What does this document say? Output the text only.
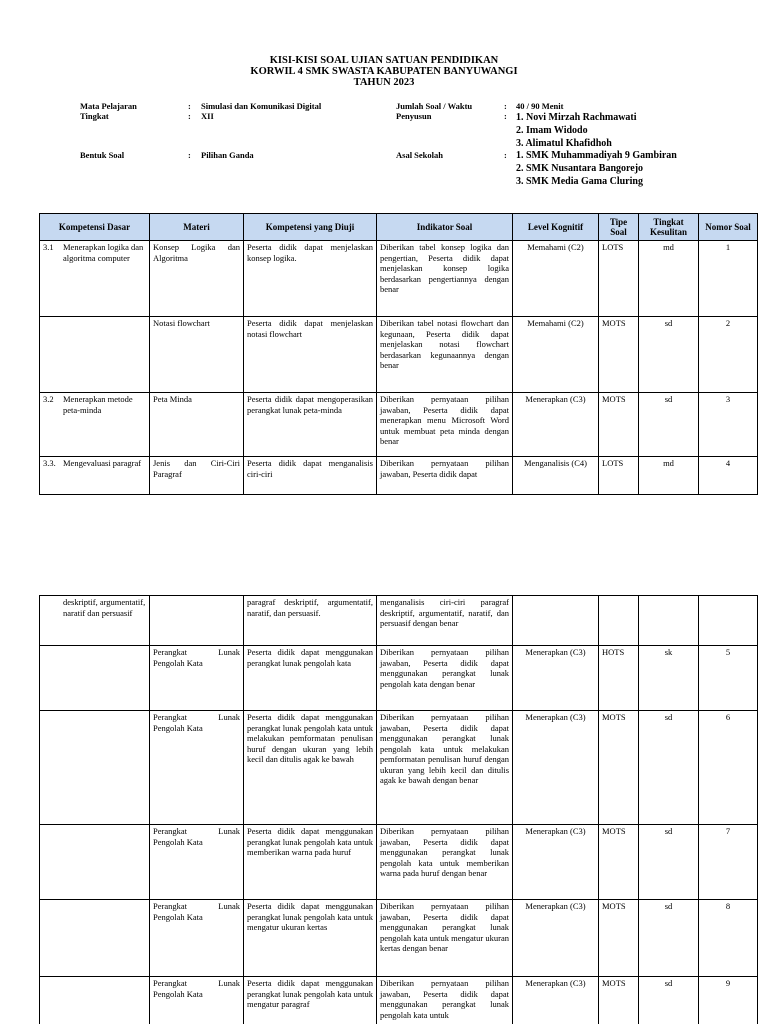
KISI-KISI SOAL UJIAN SATUAN PENDIDIKAN
KORWIL 4 SMK SWASTA KABUPATEN BANYUWANGI
TAHUN 2023
Mata Pelajaran	: Simulasi dan Komunikasi Digital
Tingkat	: XII
Bentuk Soal	: Pilihan Ganda
Jumlah Soal / Waktu	: 40 / 90 Menit
Penyusun	: 1. Novi Mirzah Rachmawati
2. Imam Widodo
3. Alimatul Khafidhoh
Asal Sekolah	: 1. SMK Muhammadiyah 9 Gambiran
2. SMK Nusantara Bangorejo
3. SMK Media Gama Cluring
Kompetensi Dasar	Materi	Kompetensi yang Diuji	Indikator Soal	Level Kognitif	Tipe Soal	Tingkat Kesulitan	Nomor Soal

3.1 Menerapkan logika dan algoritma computer	Konsep Logika dan Algoritma	Peserta didik dapat menjelaskan konsep logika.	Diberikan tabel konsep logika dan pengertian, Peserta didik dapat menjelaskan konsep logika berdasarkan pengertiannya dengan benar	Memahami (C2)	LOTS	md	1

	Notasi flowchart	Peserta didik dapat menjelaskan notasi flowchart	Diberikan tabel notasi flowchart dan kegunaan, Peserta didik dapat menjelaskan notasi flowchart berdasarkan kegunaannya dengan benar	Memahami (C2)	MOTS	sd	2

3.2 Menerapkan metode peta-minda	Peta Minda	Peserta didik dapat mengoperasikan perangkat lunak peta-minda	Diberikan pernyataan pilihan jawaban, Peserta didik dapat menerapkan menu Microsoft Word untuk membuat peta minda dengan benar	Menerapkan (C3)	MOTS	sd	3

3.3. Mengevaluasi paragraf	Jenis dan Ciri-Ciri Paragraf	Peserta didik dapat menganalisis ciri-ciri	Diberikan pernyataan pilihan jawaban, Peserta didik dapat	Menganalisis (C4)	LOTS	md	4
deskriptif, argumentatif, naratif dan persuasif		paragraf deskriptif, argumentatif, naratif, dan persuasif.	menganalisis ciri-ciri paragraf deskriptif, argumentatif, naratif, dan persuasif dengan benar				

	Perangkat Lunak Pengolah Kata	Peserta didik dapat menggunakan perangkat lunak pengolah kata	Diberikan pernyataan pilihan jawaban, Peserta didik dapat menggunakan perangkat lunak pengolah kata dengan benar	Menerapkan (C3)	HOTS	sk	5

	Perangkat Lunak Pengolah Kata	Peserta didik dapat menggunakan perangkat lunak pengolah kata untuk melakukan pemformatan penulisan huruf dengan ukuran yang lebih kecil dan ditulis agak ke bawah	Diberikan pernyataan pilihan jawaban, Peserta didik dapat menggunakan perangkat lunak pengolah kata untuk melakukan pemformatan penulisan huruf dengan ukuran yang lebih kecil dan ditulis agak ke bawah dengan benar	Menerapkan (C3)	MOTS	sd	6

	Perangkat Lunak Pengolah Kata	Peserta didik dapat menggunakan perangkat lunak pengolah kata untuk memberikan warna pada huruf	Diberikan pernyataan pilihan jawaban, Peserta didik dapat menggunakan perangkat lunak pengolah kata untuk memberikan warna pada huruf dengan benar	Menerapkan (C3)	MOTS	sd	7

	Perangkat Lunak Pengolah Kata	Peserta didik dapat menggunakan perangkat lunak pengolah kata untuk mengatur ukuran kertas	Diberikan pernyataan pilihan jawaban, Peserta didik dapat menggunakan perangkat lunak pengolah kata untuk mengatur ukuran kertas dengan benar	Menerapkan (C3)	MOTS	sd	8

	Perangkat Lunak Pengolah Kata	Peserta didik dapat menggunakan perangkat lunak pengolah kata untuk mengatur paragraf	Diberikan pernyataan pilihan jawaban, Peserta didik dapat menggunakan perangkat lunak pengolah kata untuk	Menerapkan (C3)	MOTS	sd	9
